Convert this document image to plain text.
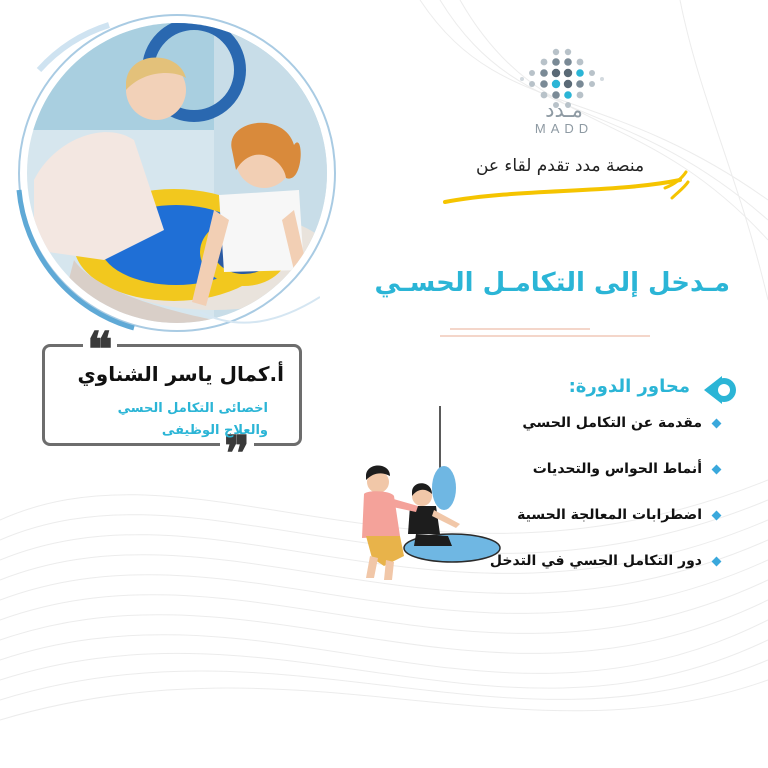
مـدد
MADD
منصة مدد تقدم لقاء عن
مـدخل إلى التكامـل الحسـي
❝
❞
أ.كمال ياسر الشناوي
اخصائى التكامل الحسي
والعلاج الوظيفى
محاور الدورة:
مقدمة عن التكامل الحسي
أنماط الحواس والتحديات
اضطرابات المعالجة الحسية
دور التكامل الحسي في التدخل
